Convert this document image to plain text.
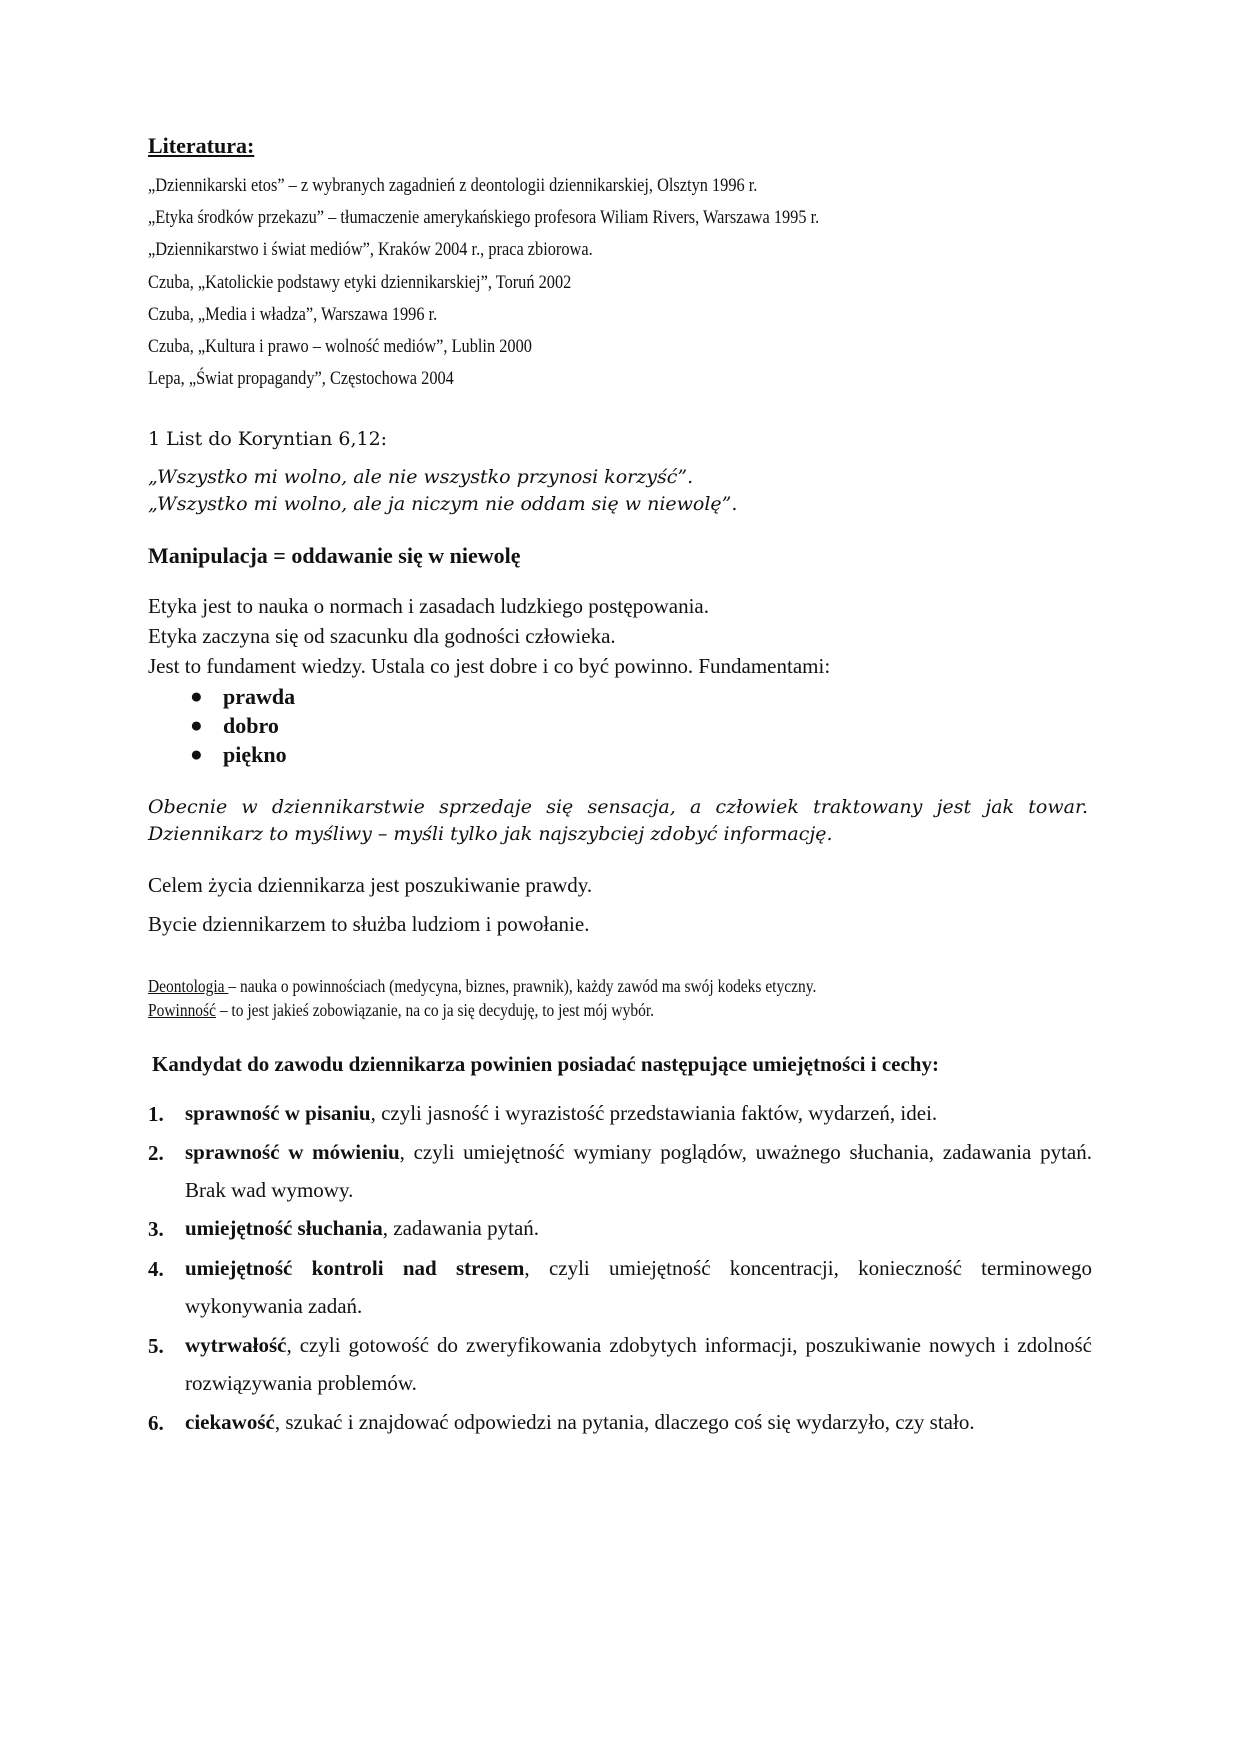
Literatura:
„Dziennikarski etos” – z wybranych zagadnień z deontologii dziennikarskiej, Olsztyn 1996 r.
„Etyka środków przekazu” – tłumaczenie amerykańskiego profesora Wiliam Rivers, Warszawa 1995 r.
„Dziennikarstwo i świat mediów”, Kraków 2004 r., praca zbiorowa.
Czuba, „Katolickie podstawy etyki dziennikarskiej”, Toruń 2002
Czuba, „Media i władza”, Warszawa 1996 r.
Czuba, „Kultura i prawo – wolność mediów”, Lublin 2000
Lepa, „Świat propagandy”, Częstochowa 2004
1 List do Koryntian 6,12:
„Wszystko mi wolno, ale nie wszystko przynosi korzyść”.
„Wszystko mi wolno, ale ja niczym nie oddam się w niewolę”.
Manipulacja = oddawanie się w niewolę
Etyka jest to nauka o normach i zasadach ludzkiego postępowania.
Etyka zaczyna się od szacunku dla godności człowieka.
Jest to fundament wiedzy. Ustala co jest dobre i co być powinno. Fundamentami:
● prawda
● dobro
● piękno
Obecnie w dziennikarstwie sprzedaje się sensacja, a człowiek traktowany jest jak towar.
Dziennikarz to myśliwy – myśli tylko jak najszybciej zdobyć informację.
Celem życia dziennikarza jest poszukiwanie prawdy.
Bycie dziennikarzem to służba ludziom i powołanie.
Deontologia – nauka o powinnościach (medycyna, biznes, prawnik), każdy zawód ma swój kodeks etyczny.
Powinność – to jest jakieś zobowiązanie, na co ja się decyduję, to jest mój wybór.
Kandydat do zawodu dziennikarza powinien posiadać następujące umiejętności i cechy:
1. sprawność w pisaniu, czyli jasność i wyrazistość przedstawiania faktów, wydarzeń, idei.
2. sprawność w mówieniu, czyli umiejętność wymiany poglądów, uważnego słuchania, zadawania pytań. Brak wad wymowy.
3. umiejętność słuchania, zadawania pytań.
4. umiejętność kontroli nad stresem, czyli umiejętność koncentracji, konieczność terminowego wykonywania zadań.
5. wytrwałość, czyli gotowość do zweryfikowania zdobytych informacji, poszukiwanie nowych i zdolność rozwiązywania problemów.
6. ciekawość, szukać i znajdować odpowiedzi na pytania, dlaczego coś się wydarzyło, czy stało.
